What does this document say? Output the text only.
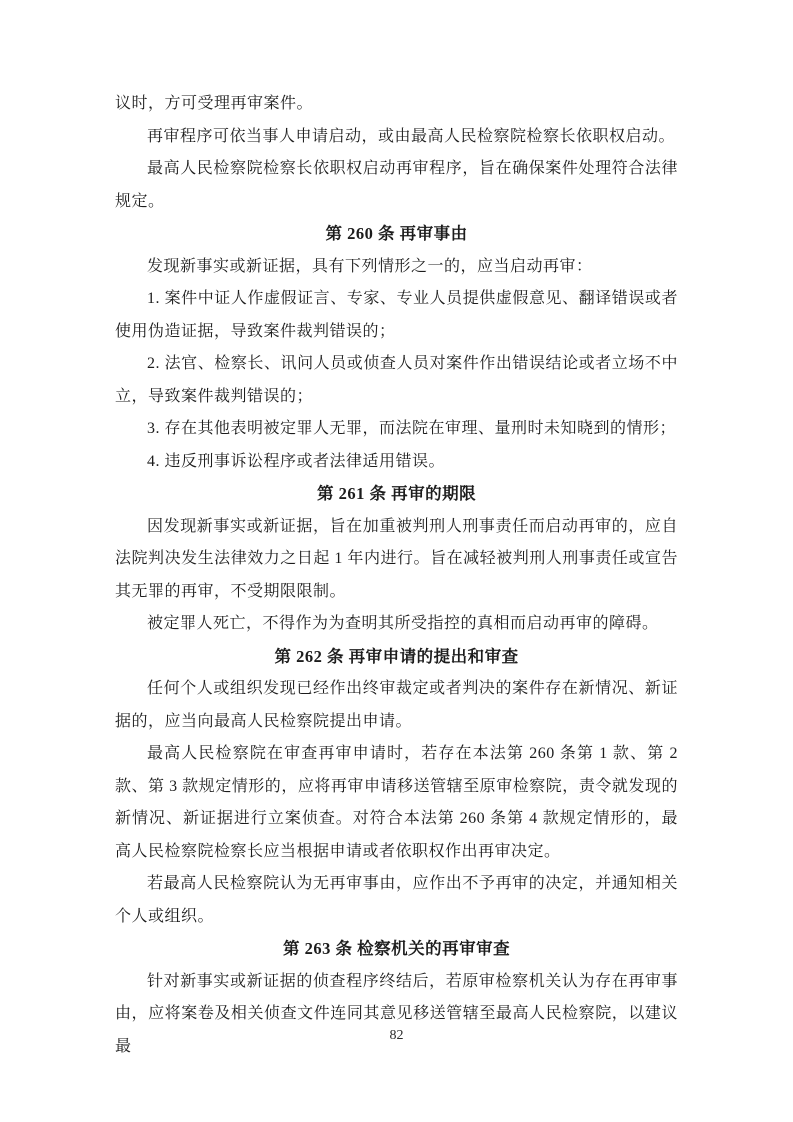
议时，方可受理再审案件。

再审程序可依当事人申请启动，或由最高人民检察院检察长依职权启动。

最高人民检察院检察长依职权启动再审程序，旨在确保案件处理符合法律规定。

第 260 条 再审事由

发现新事实或新证据，具有下列情形之一的，应当启动再审：

1. 案件中证人作虚假证言、专家、专业人员提供虚假意见、翻译错误或者使用伪造证据，导致案件裁判错误的；

2. 法官、检察长、讯问人员或侦查人员对案件作出错误结论或者立场不中立，导致案件裁判错误的；

3. 存在其他表明被定罪人无罪，而法院在审理、量刑时未知晓到的情形；

4. 违反刑事诉讼程序或者法律适用错误。

第 261 条 再审的期限

因发现新事实或新证据，旨在加重被判刑人刑事责任而启动再审的，应自法院判决发生法律效力之日起 1 年内进行。旨在减轻被判刑人刑事责任或宣告其无罪的再审，不受期限限制。

被定罪人死亡，不得作为为查明其所受指控的真相而启动再审的障碍。

第 262 条 再审申请的提出和审查

任何个人或组织发现已经作出终审裁定或者判决的案件存在新情况、新证据的，应当向最高人民检察院提出申请。

最高人民检察院在审查再审申请时，若存在本法第 260 条第 1 款、第 2 款、第 3 款规定情形的，应将再审申请移送管辖至原审检察院，责令就发现的新情况、新证据进行立案侦查。对符合本法第 260 条第 4 款规定情形的，最高人民检察院检察长应当根据申请或者依职权作出再审决定。

若最高人民检察院认为无再审事由，应作出不予再审的决定，并通知相关个人或组织。

第 263 条 检察机关的再审审查

针对新事实或新证据的侦查程序终结后，若原审检察机关认为存在再审事由，应将案卷及相关侦查文件连同其意见移送管辖至最高人民检察院，以建议最

82
